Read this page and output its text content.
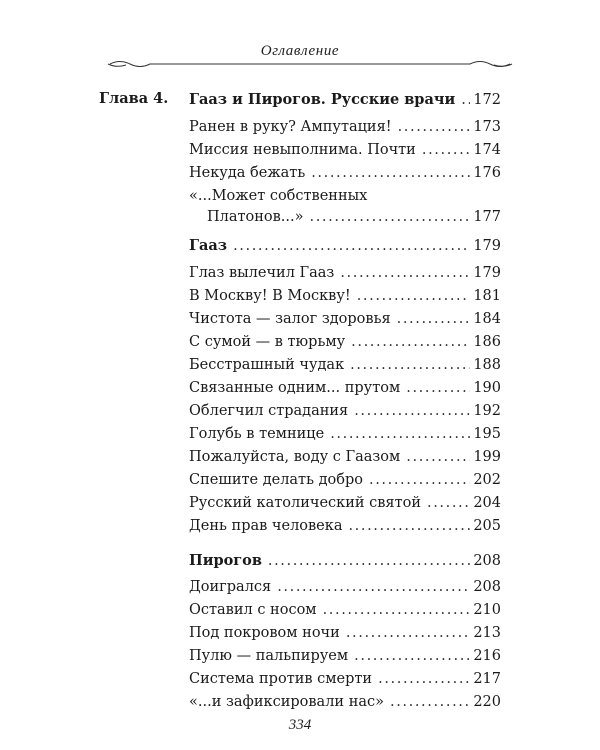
Оглавление
Глава 4. Гааз и Пирогов. Русские врачи ..... 172
Ранен в руку? Ампутация! .....	173
Миссия невыполнима. Почти .....	174
Некуда бежать .....	176
«...Может собственных
Платонов...» .....	177
Гааз .....	179
Глаз вылечил Гааз .....	179
В Москву! В Москву! .....	181
Чистота — залог здоровья .....	184
С сумой — в тюрьму .....	186
Бесстрашный чудак .....	188
Связанные одним... прутом .....	190
Облегчил страдания .....	192
Голубь в темнице .....	195
Пожалуйста, воду с Гаазом .....	199
Спешите делать добро .....	202
Русский католический святой .....	204
День прав человека .....	205
Пирогов .....	208
Доигрался .....	208
Оставил с носом .....	210
Под покровом ночи .....	213
Пулю — пальпируем .....	216
Система против смерти .....	217
«...и зафиксировали нас» .....	220
334
